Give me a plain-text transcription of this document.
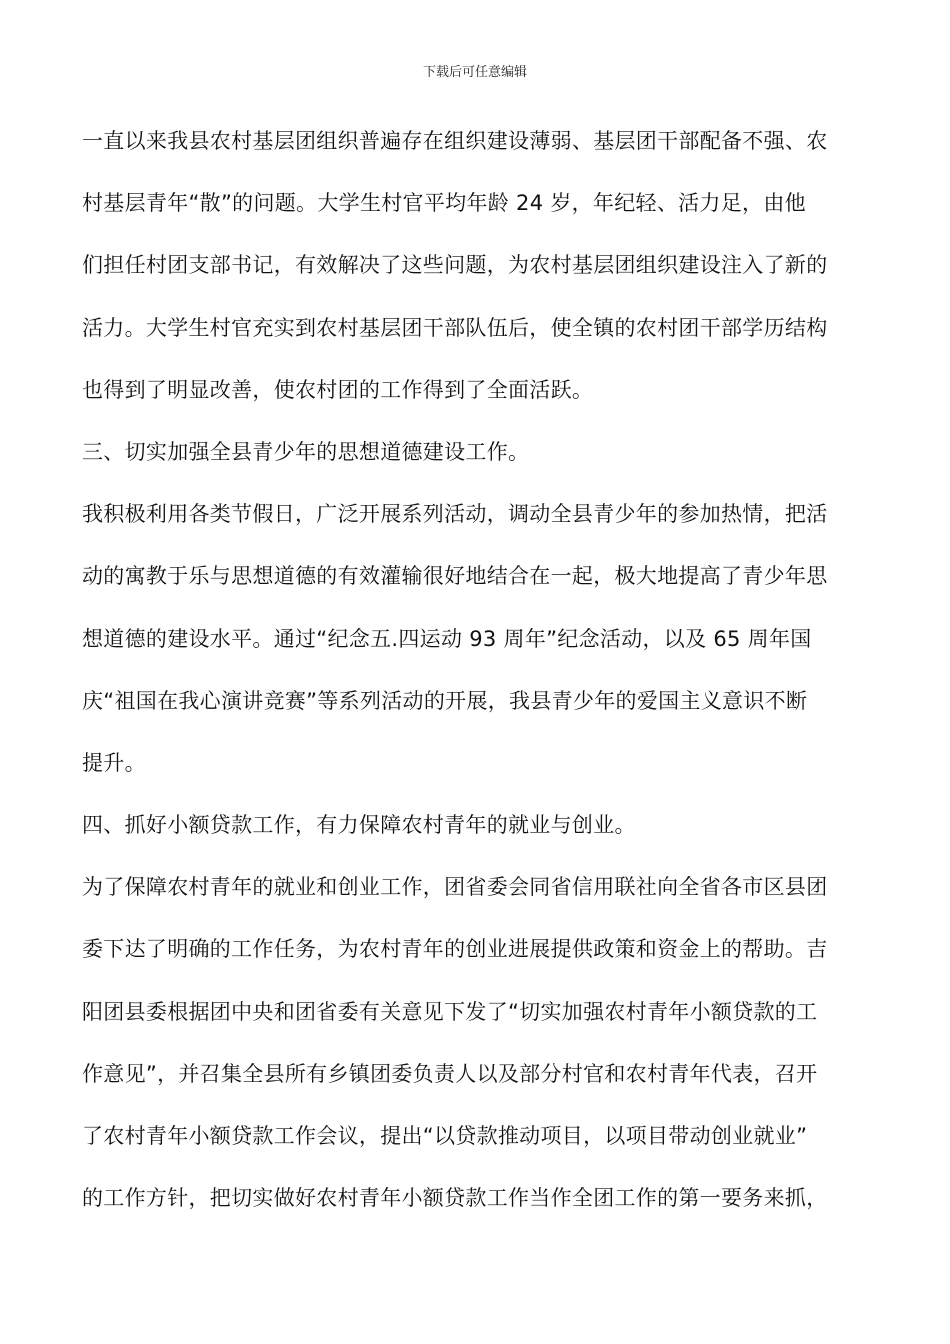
下载后可任意编辑
一直以来我县农村基层团组织普遍存在组织建设薄弱、基层团干部配备不强、农
村基层青年“散”的问题。大学生村官平均年龄 24 岁，年纪轻、活力足，由他
们担任村团支部书记，有效解决了这些问题，为农村基层团组织建设注入了新的
活力。大学生村官充实到农村基层团干部队伍后，使全镇的农村团干部学历结构
也得到了明显改善，使农村团的工作得到了全面活跃。
三、切实加强全县青少年的思想道德建设工作。
我积极利用各类节假日，广泛开展系列活动，调动全县青少年的参加热情，把活
动的寓教于乐与思想道德的有效灌输很好地结合在一起，极大地提高了青少年思
想道德的建设水平。通过“纪念五.四运动 93 周年”纪念活动，以及 65 周年国
庆“祖国在我心演讲竞赛”等系列活动的开展，我县青少年的爱国主义意识不断
提升。
四、抓好小额贷款工作，有力保障农村青年的就业与创业。
为了保障农村青年的就业和创业工作，团省委会同省信用联社向全省各市区县团
委下达了明确的工作任务，为农村青年的创业进展提供政策和资金上的帮助。吉
阳团县委根据团中央和团省委有关意见下发了“切实加强农村青年小额贷款的工
作意见”，并召集全县所有乡镇团委负责人以及部分村官和农村青年代表，召开
了农村青年小额贷款工作会议，提出“以贷款推动项目，以项目带动创业就业”
的工作方针，把切实做好农村青年小额贷款工作当作全团工作的第一要务来抓，
